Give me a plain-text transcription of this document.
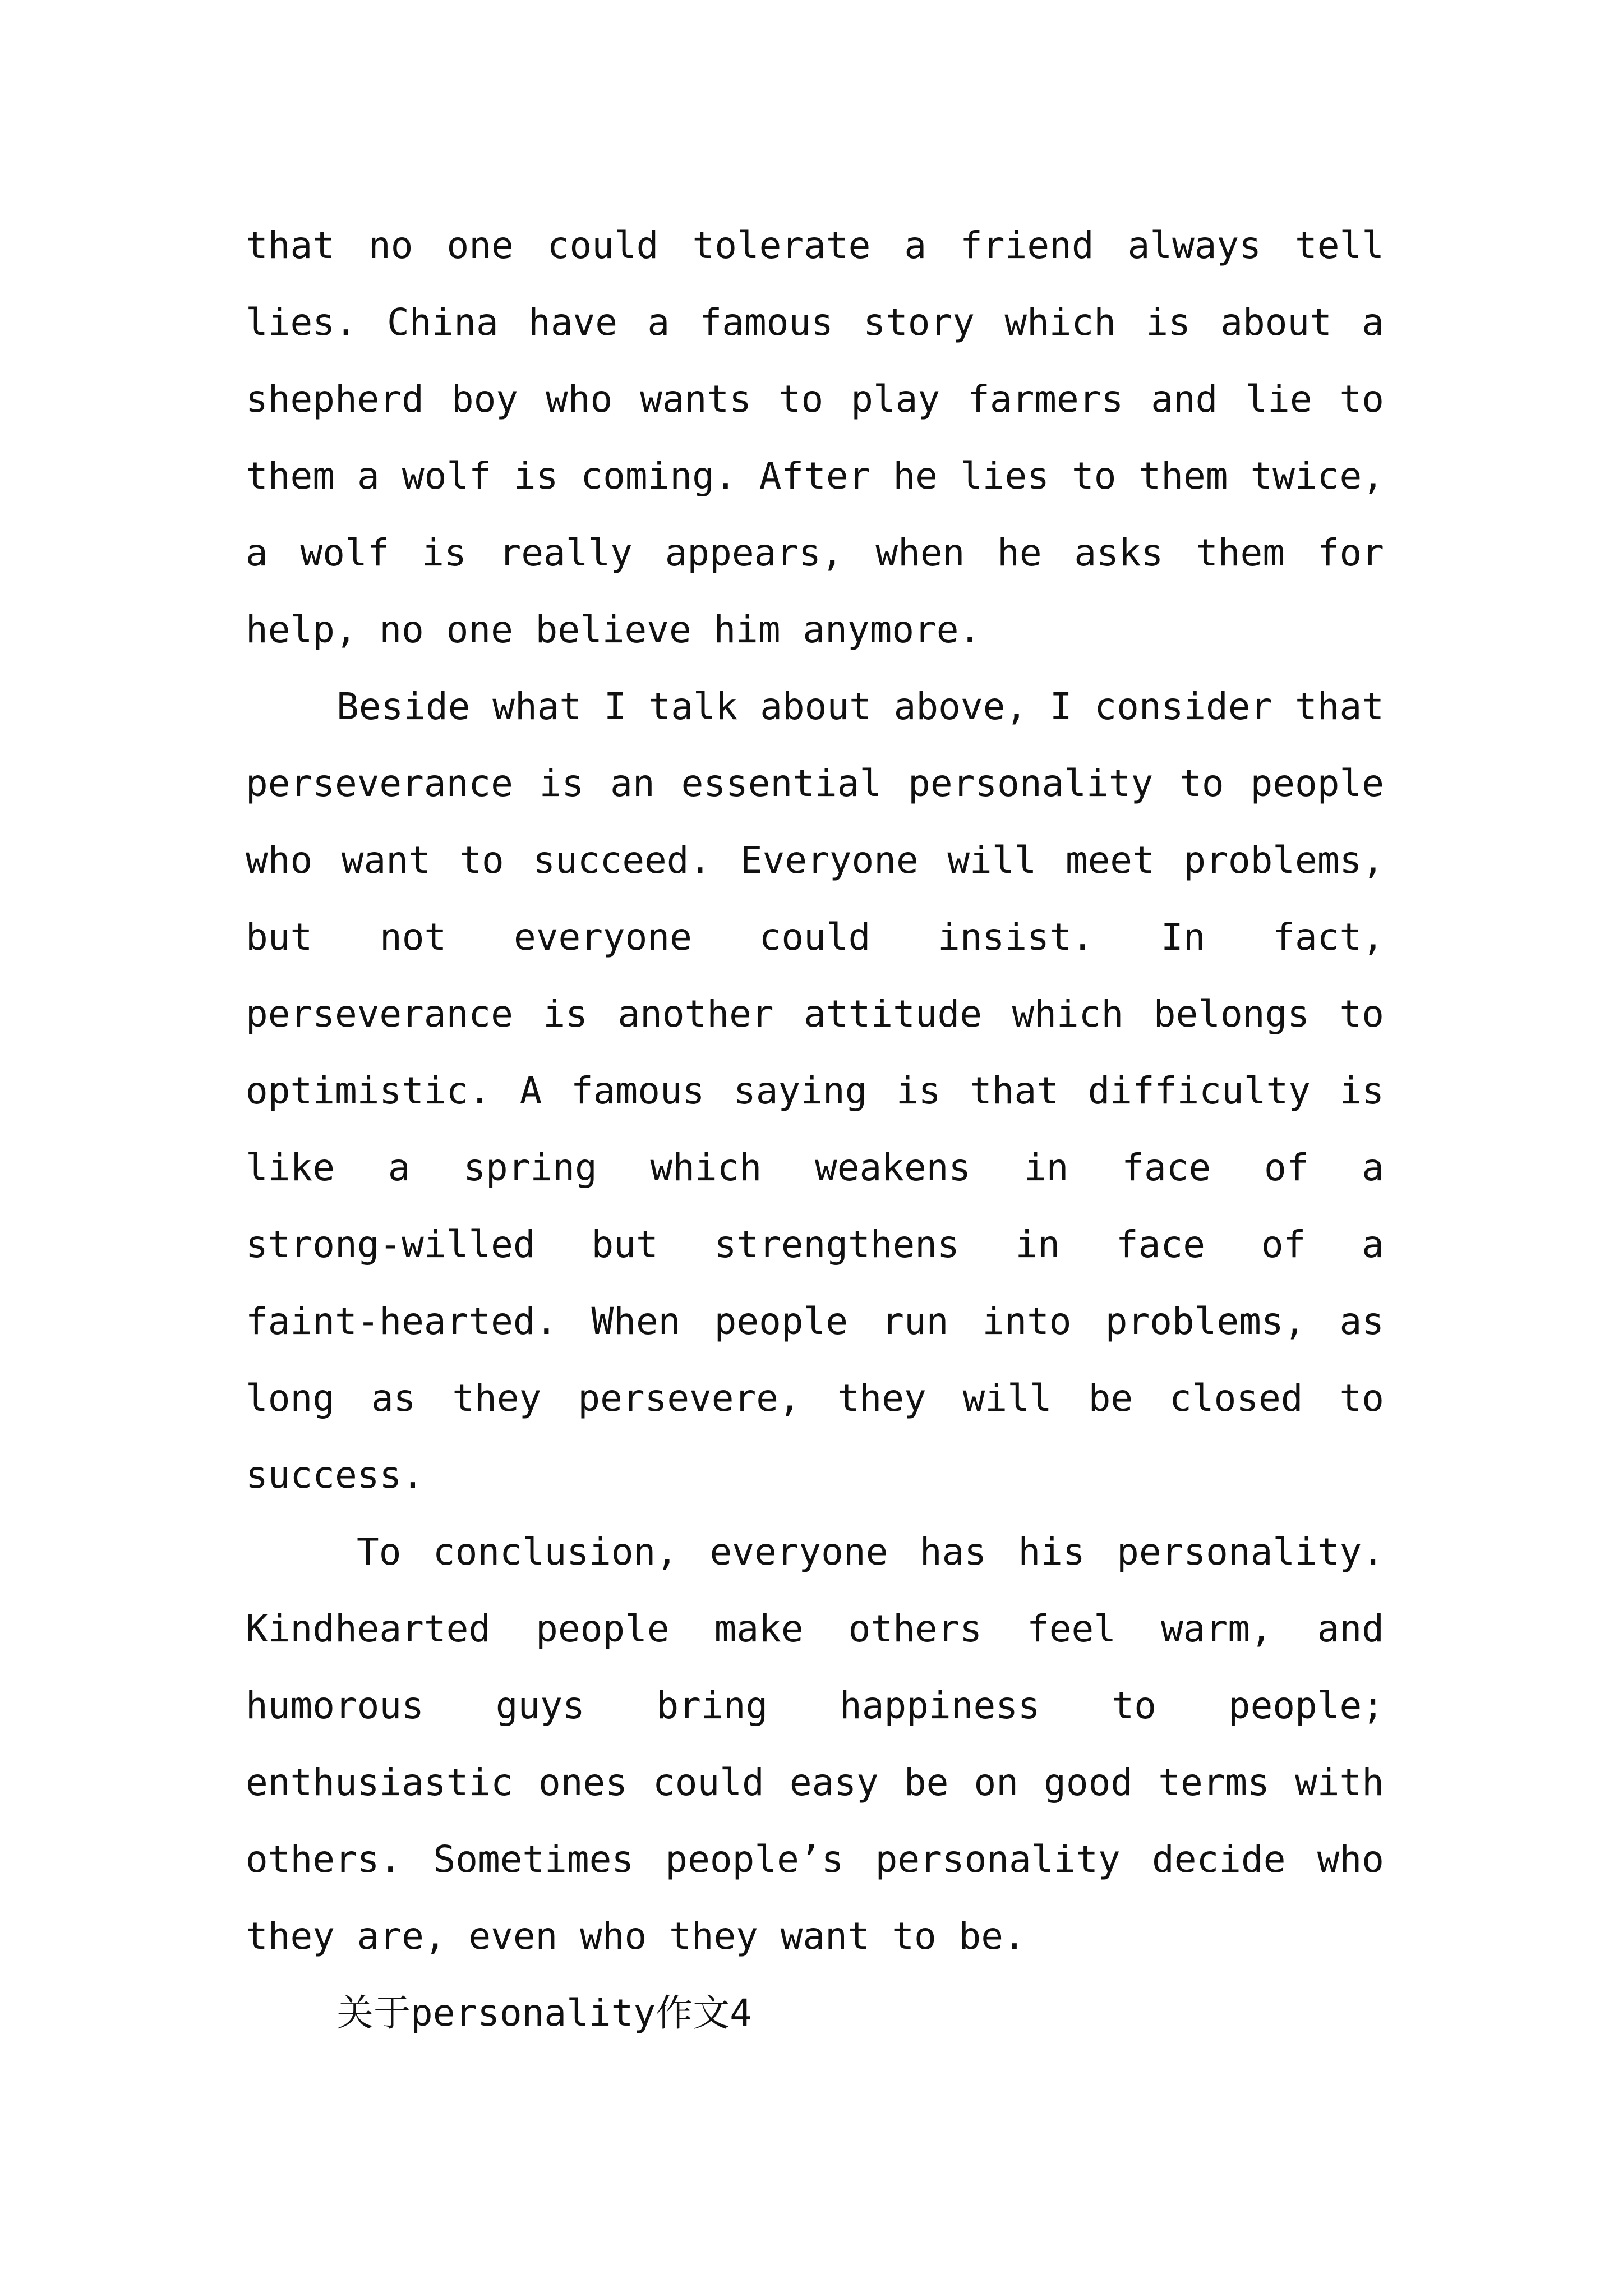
that no one could tolerate a friend always tell
lies. China have a famous story which is about a
shepherd boy who wants to play farmers and lie to
them a wolf is coming. After he lies to them twice,
a wolf is really appears, when he asks them for
help, no one believe him anymore.
Beside what I talk about above, I consider that
perseverance is an essential personality to people
who want to succeed. Everyone will meet problems,
but not everyone could insist. In fact,
perseverance is another attitude which belongs to
optimistic. A famous saying is that difficulty is
like a spring which weakens in face of a
strong-willed but strengthens in face of a
faint-hearted. When people run into problems, as
long as they persevere, they will be closed to
success.
To conclusion, everyone has his personality.
Kindhearted people make others feel warm, and
humorous guys bring happiness to people;
enthusiastic ones could easy be on good terms with
others. Sometimes people’s personality decide who
they are, even who they want to be.
关于personality作文4
